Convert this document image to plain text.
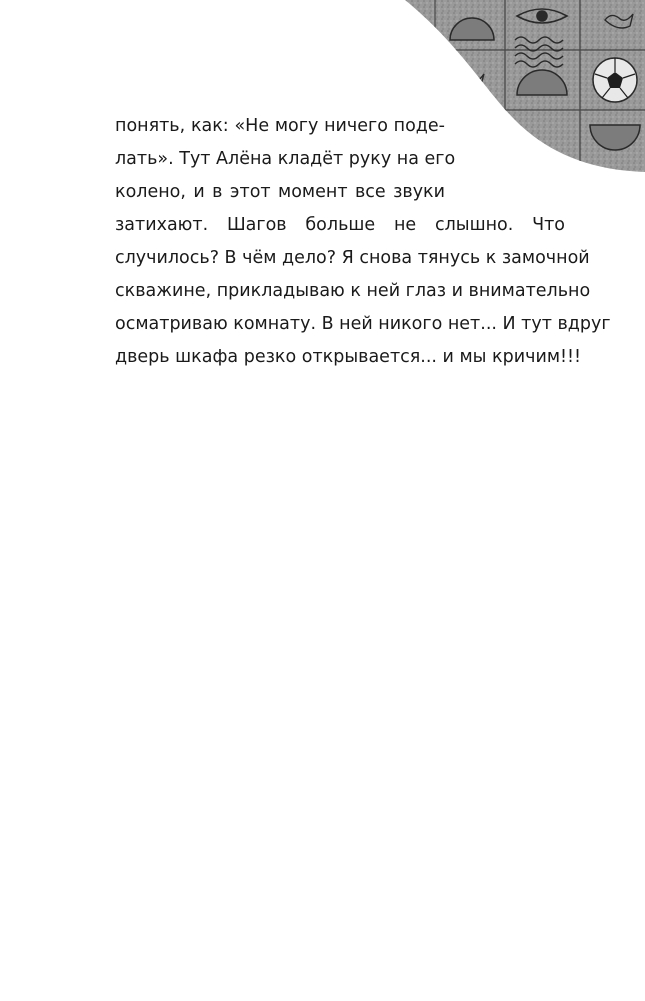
понять, как: «Не могу ничего поде-
лать». Тут Алёна кладёт руку на его
колено, и в этот момент все звуки
затихают. Шагов больше не слышно. Что
случилось? В чём дело? Я снова тянусь к замочной
скважине, прикладываю к ней глаз и внимательно
осматриваю комнату. В ней никого нет... И тут вдруг
дверь шкафа резко открывается... и мы кричим!!!
